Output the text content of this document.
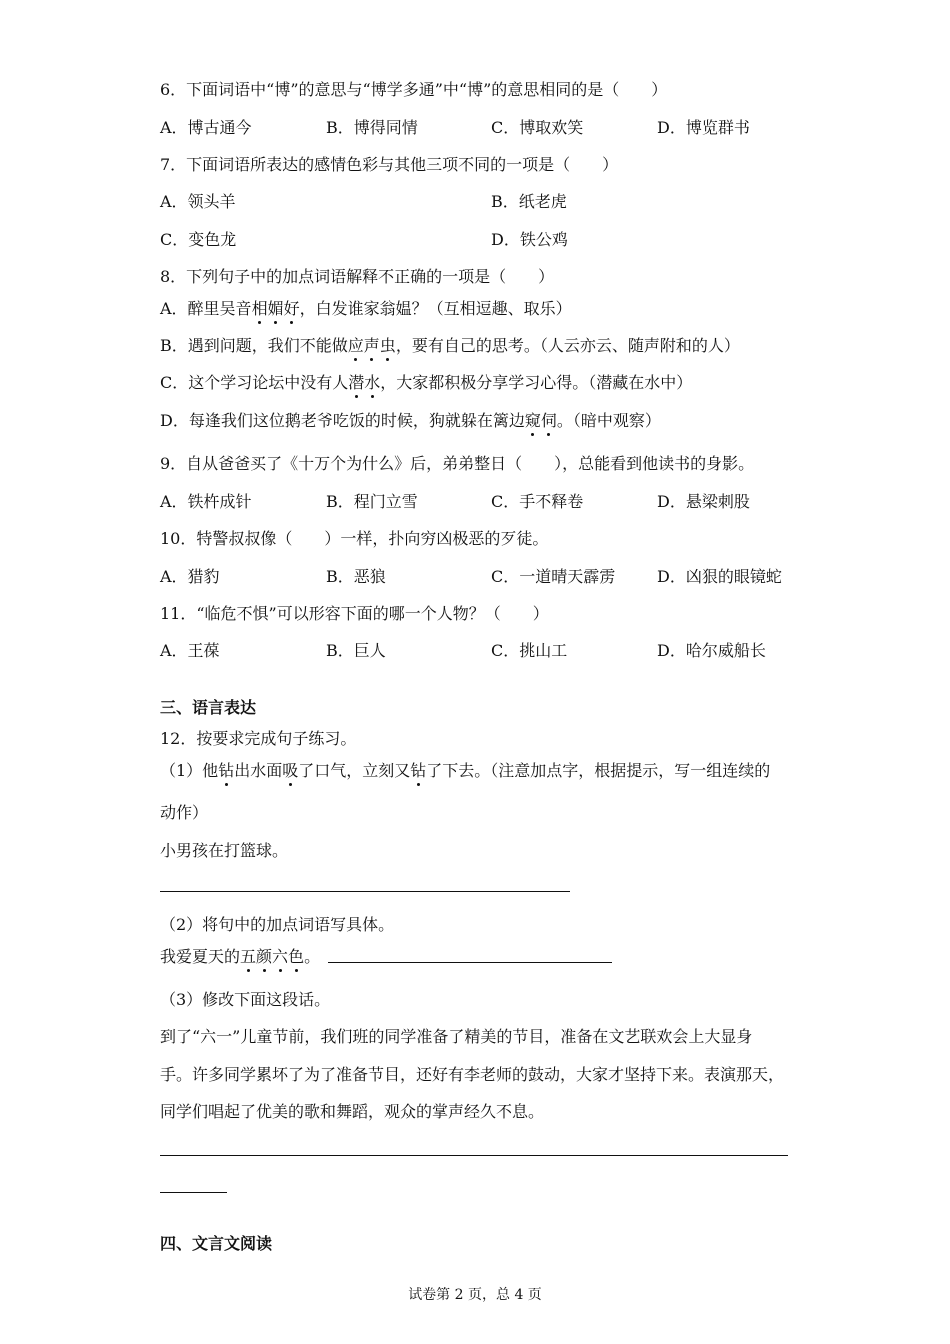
6．下面词语中“博”的意思与“博学多通”中“博”的意思相同的是（　　）
A．博古通今	B．博得同情	C．博取欢笑	D．博览群书
7．下面词语所表达的感情色彩与其他三项不同的一项是（　　）
A．领头羊	B．纸老虎
C．变色龙	D．铁公鸡
8．下列句子中的加点词语解释不正确的一项是（　　）
A．醉里吴音相媚好，白发谁家翁媪？（互相逗趣、取乐）
B．遇到问题，我们不能做应声虫，要有自己的思考。（人云亦云、随声附和的人）
C．这个学习论坛中没有人潜水，大家都积极分享学习心得。（潜藏在水中）
D．每逢我们这位鹅老爷吃饭的时候，狗就躲在篱边窥伺。（暗中观察）
9．自从爸爸买了《十万个为什么》后，弟弟整日（　　），总能看到他读书的身影。
A．铁杵成针	B．程门立雪	C．手不释卷	D．悬梁刺股
10．特警叔叔像（　　）一样，扑向穷凶极恶的歹徒。
A．猎豹	B．恶狼	C．一道晴天霹雳	D．凶狠的眼镜蛇
11．“临危不惧”可以形容下面的哪一个人物？（　　）
A．王葆	B．巨人	C．挑山工	D．哈尔威船长
三、语言表达
12．按要求完成句子练习。
（1）他钻出水面吸了口气，立刻又钻了下去。（注意加点字，根据提示，写一组连续的
动作）
小男孩在打篮球。
（2）将句中的加点词语写具体。
我爱夏天的五颜六色。
（3）修改下面这段话。
到了“六一”儿童节前，我们班的同学准备了精美的节目，准备在文艺联欢会上大显身
手。许多同学累坏了为了准备节目，还好有李老师的鼓动，大家才坚持下来。表演那天，
同学们唱起了优美的歌和舞蹈，观众的掌声经久不息。
四、文言文阅读
试卷第 2 页，总 4 页
